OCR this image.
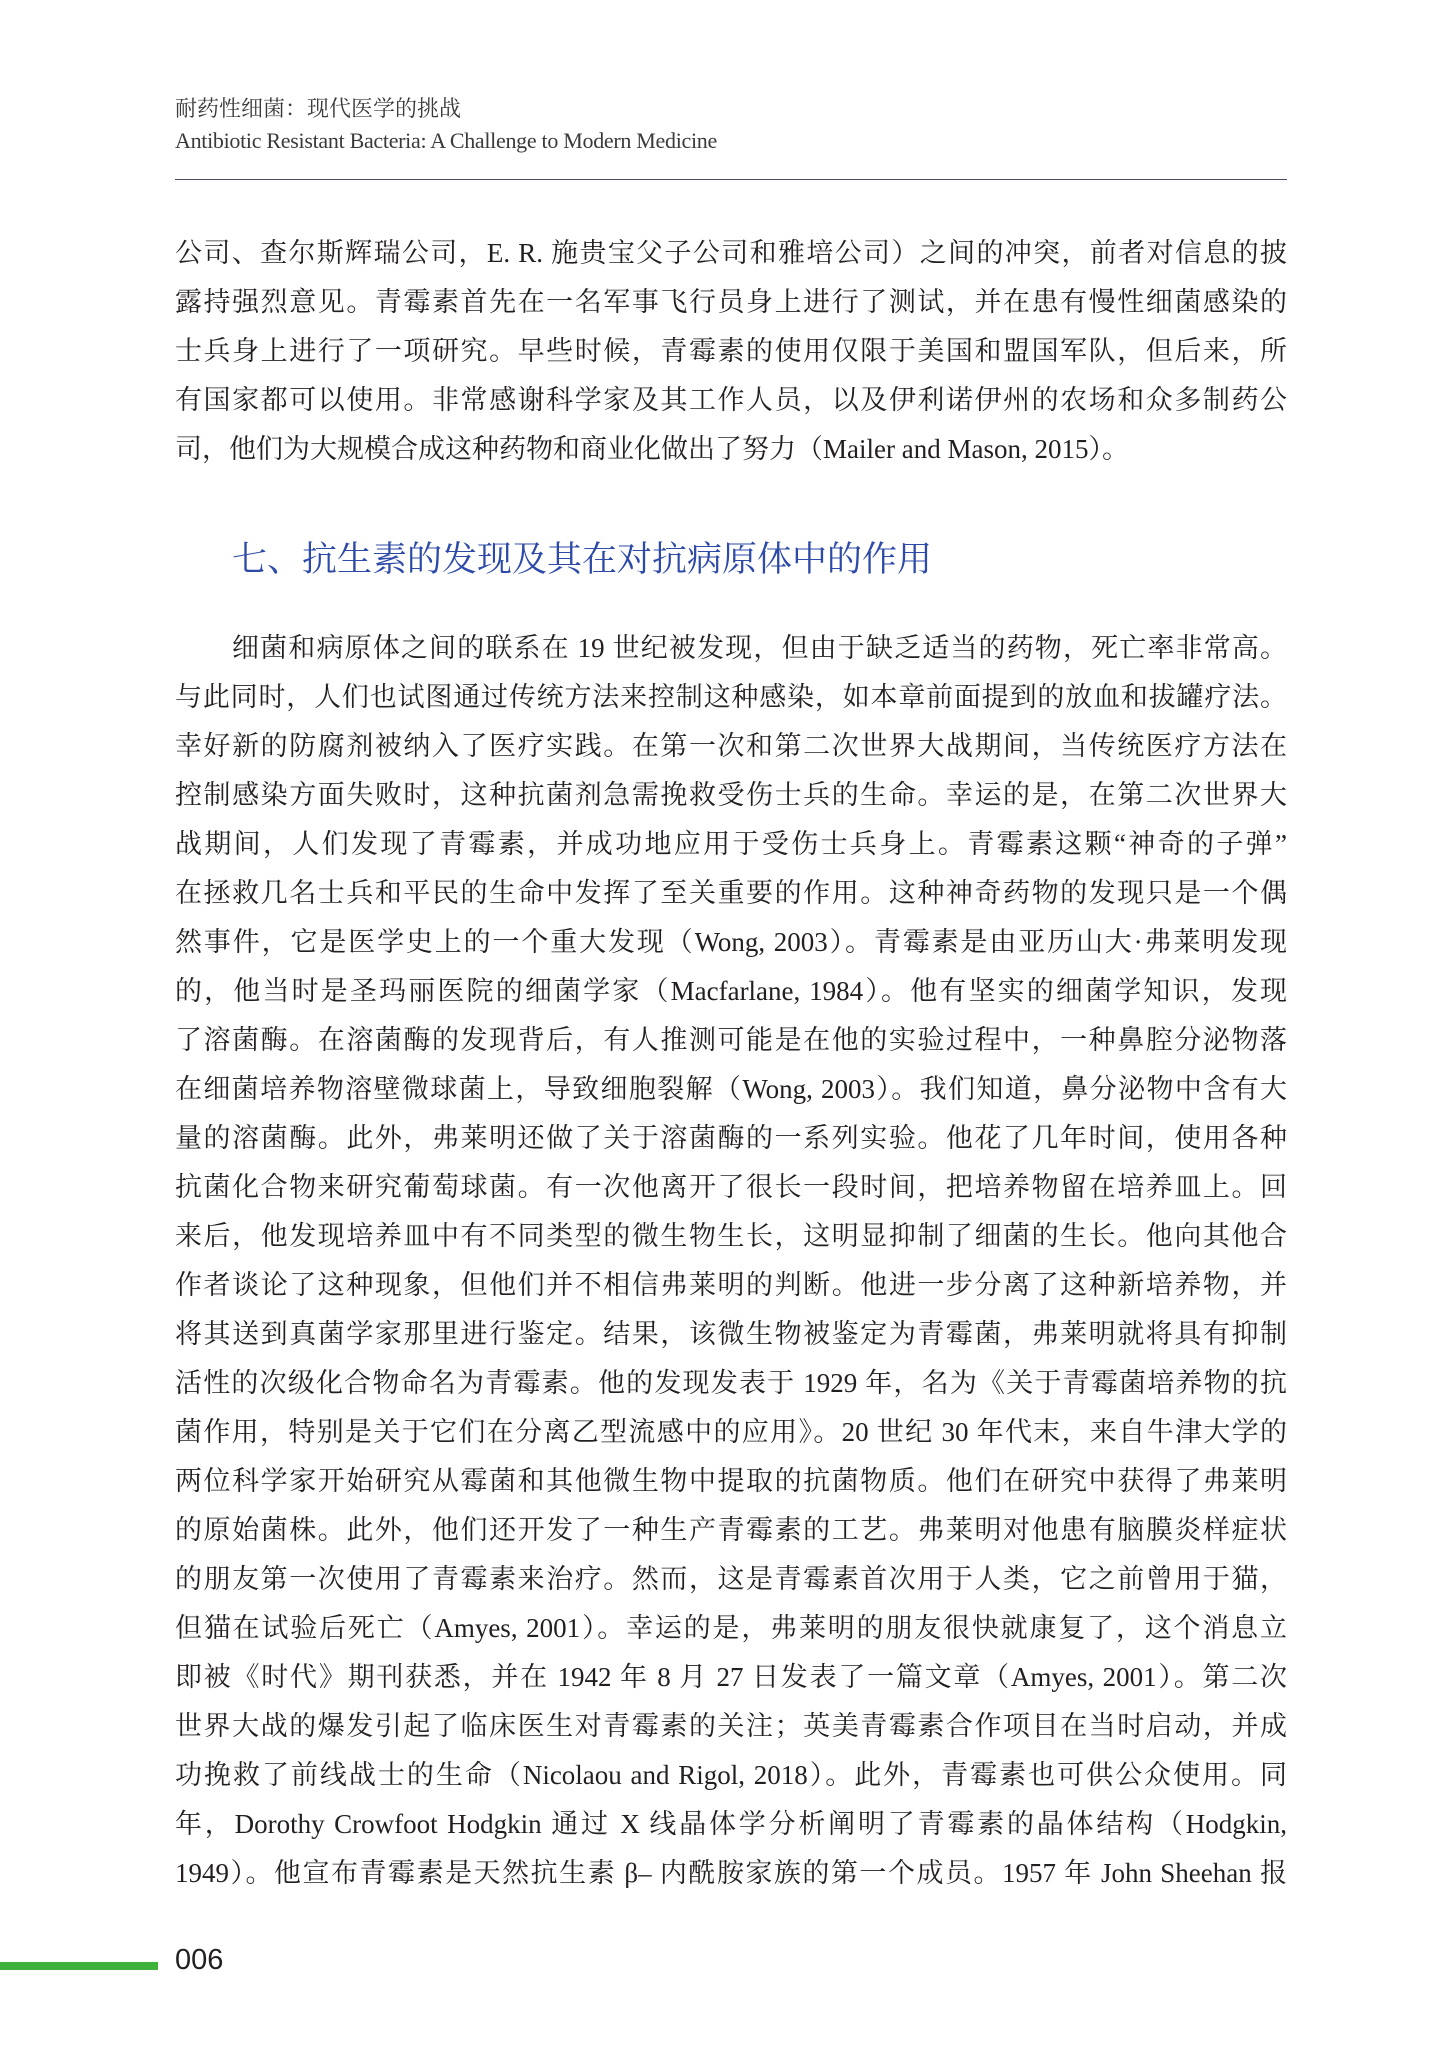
耐药性细菌：现代医学的挑战
Antibiotic Resistant Bacteria: A Challenge to Modern Medicine
公司、查尔斯辉瑞公司，E. R. 施贵宝父子公司和雅培公司）之间的冲突，前者对信息的披
露持强烈意见。青霉素首先在一名军事飞行员身上进行了测试，并在患有慢性细菌感染的
士兵身上进行了一项研究。早些时候，青霉素的使用仅限于美国和盟国军队，但后来，所
有国家都可以使用。非常感谢科学家及其工作人员，以及伊利诺伊州的农场和众多制药公
司，他们为大规模合成这种药物和商业化做出了努力（Mailer and Mason, 2015）。
七、抗生素的发现及其在对抗病原体中的作用
细菌和病原体之间的联系在 19 世纪被发现，但由于缺乏适当的药物，死亡率非常高。
与此同时，人们也试图通过传统方法来控制这种感染，如本章前面提到的放血和拔罐疗法。
幸好新的防腐剂被纳入了医疗实践。在第一次和第二次世界大战期间，当传统医疗方法在
控制感染方面失败时，这种抗菌剂急需挽救受伤士兵的生命。幸运的是，在第二次世界大
战期间，人们发现了青霉素，并成功地应用于受伤士兵身上。青霉素这颗“神奇的子弹”
在拯救几名士兵和平民的生命中发挥了至关重要的作用。这种神奇药物的发现只是一个偶
然事件，它是医学史上的一个重大发现（Wong, 2003）。青霉素是由亚历山大·弗莱明发现
的，他当时是圣玛丽医院的细菌学家（Macfarlane, 1984）。他有坚实的细菌学知识，发现
了溶菌酶。在溶菌酶的发现背后，有人推测可能是在他的实验过程中，一种鼻腔分泌物落
在细菌培养物溶壁微球菌上，导致细胞裂解（Wong, 2003）。我们知道，鼻分泌物中含有大
量的溶菌酶。此外，弗莱明还做了关于溶菌酶的一系列实验。他花了几年时间，使用各种
抗菌化合物来研究葡萄球菌。有一次他离开了很长一段时间，把培养物留在培养皿上。回
来后，他发现培养皿中有不同类型的微生物生长，这明显抑制了细菌的生长。他向其他合
作者谈论了这种现象，但他们并不相信弗莱明的判断。他进一步分离了这种新培养物，并
将其送到真菌学家那里进行鉴定。结果，该微生物被鉴定为青霉菌，弗莱明就将具有抑制
活性的次级化合物命名为青霉素。他的发现发表于 1929 年，名为《关于青霉菌培养物的抗
菌作用，特别是关于它们在分离乙型流感中的应用》。20 世纪 30 年代末，来自牛津大学的
两位科学家开始研究从霉菌和其他微生物中提取的抗菌物质。他们在研究中获得了弗莱明
的原始菌株。此外，他们还开发了一种生产青霉素的工艺。弗莱明对他患有脑膜炎样症状
的朋友第一次使用了青霉素来治疗。然而，这是青霉素首次用于人类，它之前曾用于猫，
但猫在试验后死亡（Amyes, 2001）。幸运的是，弗莱明的朋友很快就康复了，这个消息立
即被《时代》期刊获悉，并在 1942 年 8 月 27 日发表了一篇文章（Amyes, 2001）。第二次
世界大战的爆发引起了临床医生对青霉素的关注；英美青霉素合作项目在当时启动，并成
功挽救了前线战士的生命（Nicolaou and Rigol, 2018）。此外，青霉素也可供公众使用。同
年，Dorothy Crowfoot Hodgkin 通过 X 线晶体学分析阐明了青霉素的晶体结构（Hodgkin,
1949）。他宣布青霉素是天然抗生素 β– 内酰胺家族的第一个成员。1957 年 John Sheehan 报
006
